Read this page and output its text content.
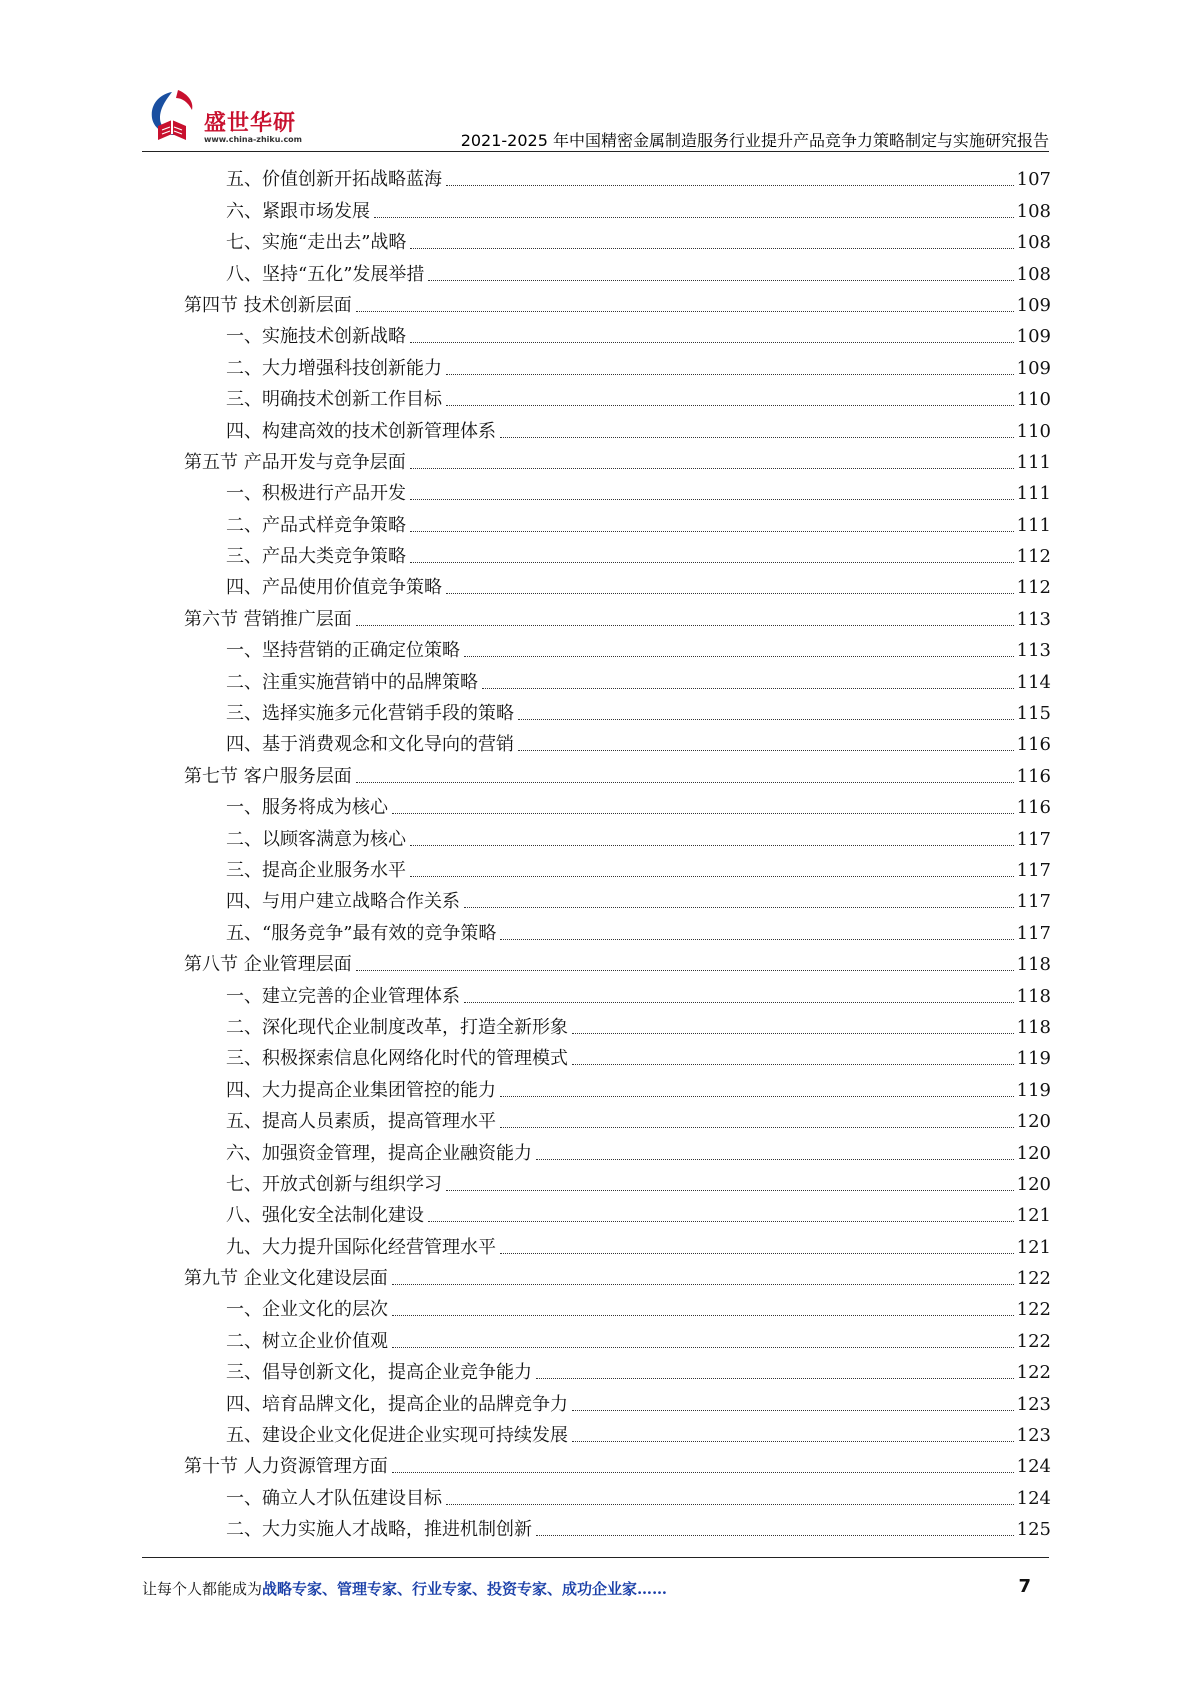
盛世华研
www.china-zhiku.com	2021-2025 年中国精密金属制造服务行业提升产品竞争力策略制定与实施研究报告
五、价值创新开拓战略蓝海	107
六、紧跟市场发展	108
七、实施“走出去”战略	108
八、坚持“五化”发展举措	108
第四节 技术创新层面	109
一、实施技术创新战略	109
二、大力增强科技创新能力	109
三、明确技术创新工作目标	110
四、构建高效的技术创新管理体系	110
第五节 产品开发与竞争层面	111
一、积极进行产品开发	111
二、产品式样竞争策略	111
三、产品大类竞争策略	112
四、产品使用价值竞争策略	112
第六节 营销推广层面	113
一、坚持营销的正确定位策略	113
二、注重实施营销中的品牌策略	114
三、选择实施多元化营销手段的策略	115
四、基于消费观念和文化导向的营销	116
第七节 客户服务层面	116
一、服务将成为核心	116
二、以顾客满意为核心	117
三、提高企业服务水平	117
四、与用户建立战略合作关系	117
五、“服务竞争”最有效的竞争策略	117
第八节 企业管理层面	118
一、建立完善的企业管理体系	118
二、深化现代企业制度改革，打造全新形象	118
三、积极探索信息化网络化时代的管理模式	119
四、大力提高企业集团管控的能力	119
五、提高人员素质，提高管理水平	120
六、加强资金管理，提高企业融资能力	120
七、开放式创新与组织学习	120
八、强化安全法制化建设	121
九、大力提升国际化经营管理水平	121
第九节 企业文化建设层面	122
一、企业文化的层次	122
二、树立企业价值观	122
三、倡导创新文化，提高企业竞争能力	122
四、培育品牌文化，提高企业的品牌竞争力	123
五、建设企业文化促进企业实现可持续发展	123
第十节 人力资源管理方面	124
一、确立人才队伍建设目标	124
二、大力实施人才战略，推进机制创新	125
让每个人都能成为战略专家、管理专家、行业专家、投资专家、成功企业家……	7
